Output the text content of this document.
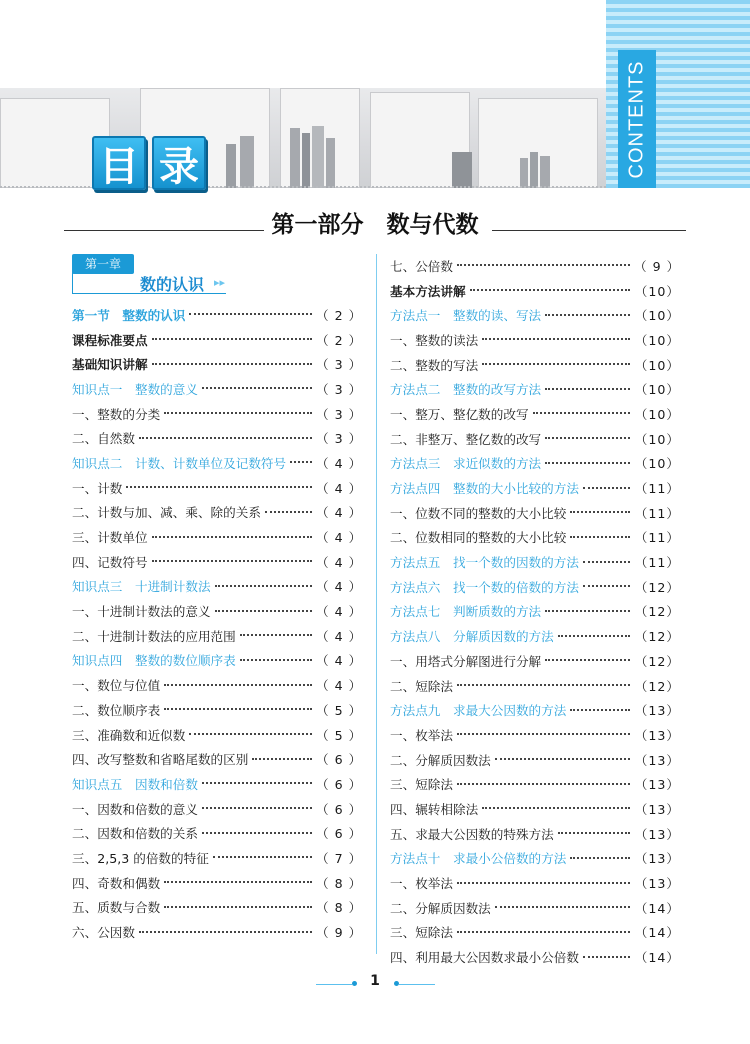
CONTENTS
目 录
第一部分　数与代数
第一章
数的认识 ▸▸
第一节　整数的认识	（ 2 ）
课程标准要点	（ 2 ）
基础知识讲解	（ 3 ）
知识点一　整数的意义	（ 3 ）
一、整数的分类	（ 3 ）
二、自然数	（ 3 ）
知识点二　计数、计数单位及记数符号 （ 4 ）
一、计数	（ 4 ）
二、计数与加、减、乘、除的关系	（ 4 ）
三、计数单位	（ 4 ）
四、记数符号	（ 4 ）
知识点三　十进制计数法	（ 4 ）
一、十进制计数法的意义	（ 4 ）
二、十进制计数法的应用范围	（ 4 ）
知识点四　整数的数位顺序表	（ 4 ）
一、数位与位值	（ 4 ）
二、数位顺序表	（ 5 ）
三、准确数和近似数	（ 5 ）
四、改写整数和省略尾数的区别	（ 6 ）
知识点五　因数和倍数	（ 6 ）
一、因数和倍数的意义	（ 6 ）
二、因数和倍数的关系	（ 6 ）
三、2,5,3 的倍数的特征	（ 7 ）
四、奇数和偶数	（ 8 ）
五、质数与合数	（ 8 ）
六、公因数	（ 9 ）
七、公倍数	（ 9 ）
基本方法讲解	（10）
方法点一　整数的读、写法	（10）
一、整数的读法	（10）
二、整数的写法	（10）
方法点二　整数的改写方法	（10）
一、整万、整亿数的改写	（10）
二、非整万、整亿数的改写	（10）
方法点三　求近似数的方法	（10）
方法点四　整数的大小比较的方法	（11）
一、位数不同的整数的大小比较	（11）
二、位数相同的整数的大小比较	（11）
方法点五　找一个数的因数的方法	（11）
方法点六　找一个数的倍数的方法	（12）
方法点七　判断质数的方法	（12）
方法点八　分解质因数的方法	（12）
一、用塔式分解图进行分解	（12）
二、短除法	（12）
方法点九　求最大公因数的方法	（13）
一、枚举法	（13）
二、分解质因数法	（13）
三、短除法	（13）
四、辗转相除法	（13）
五、求最大公因数的特殊方法	（13）
方法点十　求最小公倍数的方法	（13）
一、枚举法	（13）
二、分解质因数法	（14）
三、短除法	（14）
四、利用最大公因数求最小公倍数	（14）
1
